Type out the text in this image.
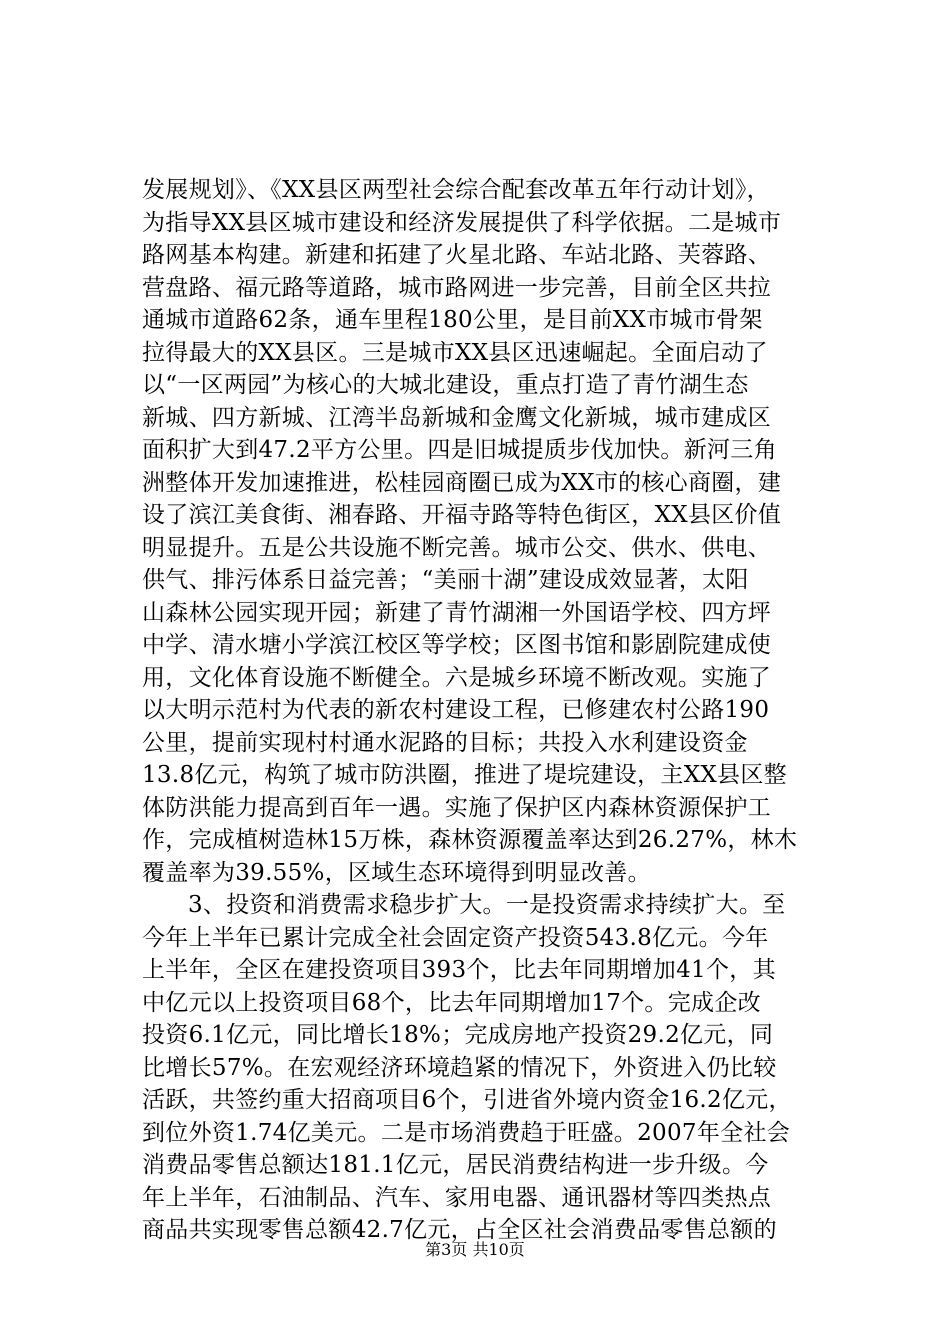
发展规划》、《XX县区两型社会综合配套改革五年行动计划》，
为指导XX县区城市建设和经济发展提供了科学依据。二是城市
路网基本构建。新建和拓建了火星北路、车站北路、芙蓉路、
营盘路、福元路等道路，城市路网进一步完善，目前全区共拉
通城市道路62条，通车里程180公里，是目前XX市城市骨架
拉得最大的XX县区。三是城市XX县区迅速崛起。全面启动了
以“一区两园”为核心的大城北建设，重点打造了青竹湖生态
新城、四方新城、江湾半岛新城和金鹰文化新城，城市建成区
面积扩大到47.2平方公里。四是旧城提质步伐加快。新河三角
洲整体开发加速推进，松桂园商圈已成为XX市的核心商圈，建
设了滨江美食街、湘春路、开福寺路等特色街区，XX县区价值
明显提升。五是公共设施不断完善。城市公交、供水、供电、
供气、排污体系日益完善；“美丽十湖”建设成效显著，太阳
山森林公园实现开园；新建了青竹湖湘一外国语学校、四方坪
中学、清水塘小学滨江校区等学校；区图书馆和影剧院建成使
用，文化体育设施不断健全。六是城乡环境不断改观。实施了
以大明示范村为代表的新农村建设工程，已修建农村公路190
公里，提前实现村村通水泥路的目标；共投入水利建设资金
13.8亿元，构筑了城市防洪圈，推进了堤垸建设，主XX县区整
体防洪能力提高到百年一遇。实施了保护区内森林资源保护工
作，完成植树造林15万株，森林资源覆盖率达到26.27%，林木
覆盖率为39.55%，区域生态环境得到明显改善。
3、投资和消费需求稳步扩大。一是投资需求持续扩大。至
今年上半年已累计完成全社会固定资产投资543.8亿元。今年
上半年，全区在建投资项目393个，比去年同期增加41个，其
中亿元以上投资项目68个，比去年同期增加17个。完成企改
投资6.1亿元，同比增长18%；完成房地产投资29.2亿元，同
比增长57%。在宏观经济环境趋紧的情况下，外资进入仍比较
活跃，共签约重大招商项目6个，引进省外境内资金16.2亿元，
到位外资1.74亿美元。二是市场消费趋于旺盛。2007年全社会
消费品零售总额达181.1亿元，居民消费结构进一步升级。今
年上半年，石油制品、汽车、家用电器、通讯器材等四类热点
商品共实现零售总额42.7亿元，占全区社会消费品零售总额的
第3页 共10页
